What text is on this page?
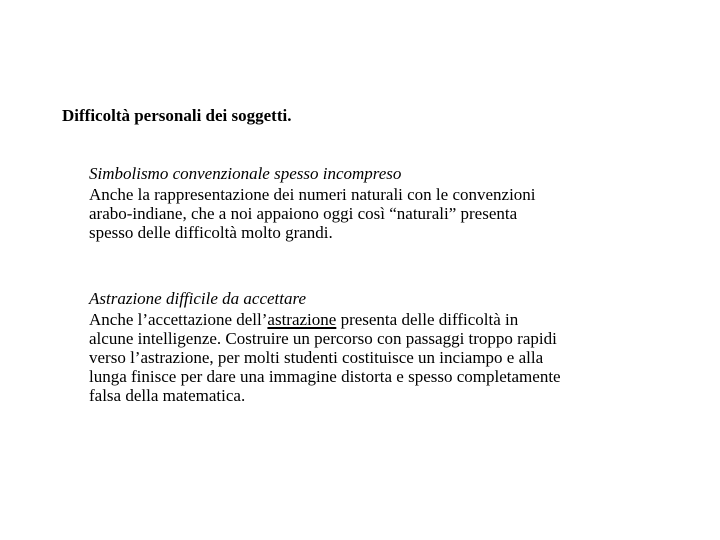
Difficoltà personali dei soggetti.
Simbolismo convenzionale spesso incompreso
Anche la rappresentazione dei numeri naturali con le convenzioni
arabo-indiane, che a noi appaiono oggi così “naturali” presenta
spesso delle difficoltà molto grandi.
Astrazione difficile da accettare
Anche l’accettazione dell’astrazione presenta delle difficoltà in
alcune intelligenze. Costruire un percorso con passaggi troppo rapidi
verso l’astrazione, per molti studenti costituisce un inciampo e alla
lunga finisce per dare una immagine distorta e spesso completamente
falsa della matematica.
